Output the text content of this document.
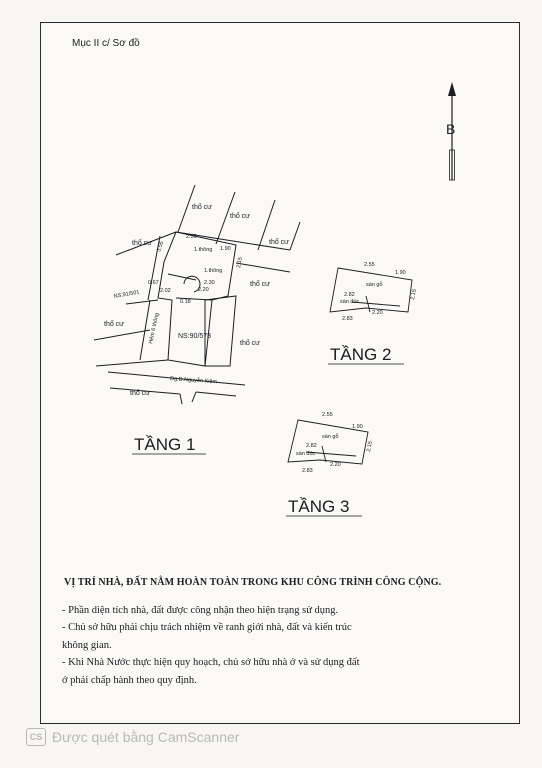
Mục II c/ Sơ đồ
B
thổ cư
thổ cư
thổ cư
thổ cư
thổ cư
thổ cư
thổ cư
thổ cư
2.55
1.90
1.thông
1.thông
2.30
2.20
3.55
2.15
0.67
2.02
0.18
NS:91/501
NS:90/578
Hẻm 6 thông
Đg.Đ.Nguyễn Kiệm
TẦNG 1
2.55
1.90
sàn gỗ
sàn đúc
2.82
2.20
2.83
2.15
TẦNG 2
2.55
1.90
sàn gỗ
sàn đúc
2.82
2.20
2.83
2.15
TẦNG 3
VỊ TRÍ NHÀ, ĐẤT NẰM HOÀN TOÀN TRONG KHU CÔNG TRÌNH CÔNG CỘNG.

- Phần diện tích nhà, đất được công nhận theo hiện trạng sử dụng.

- Chủ sở hữu phải chịu trách nhiệm về ranh giới nhà, đất và kiến trúc

không gian.

- Khi Nhà Nước thực hiện quy hoạch, chủ sở hữu nhà ở và sử dụng đất

ở phải chấp hành theo quy định.

CS Được quét bằng CamScanner
